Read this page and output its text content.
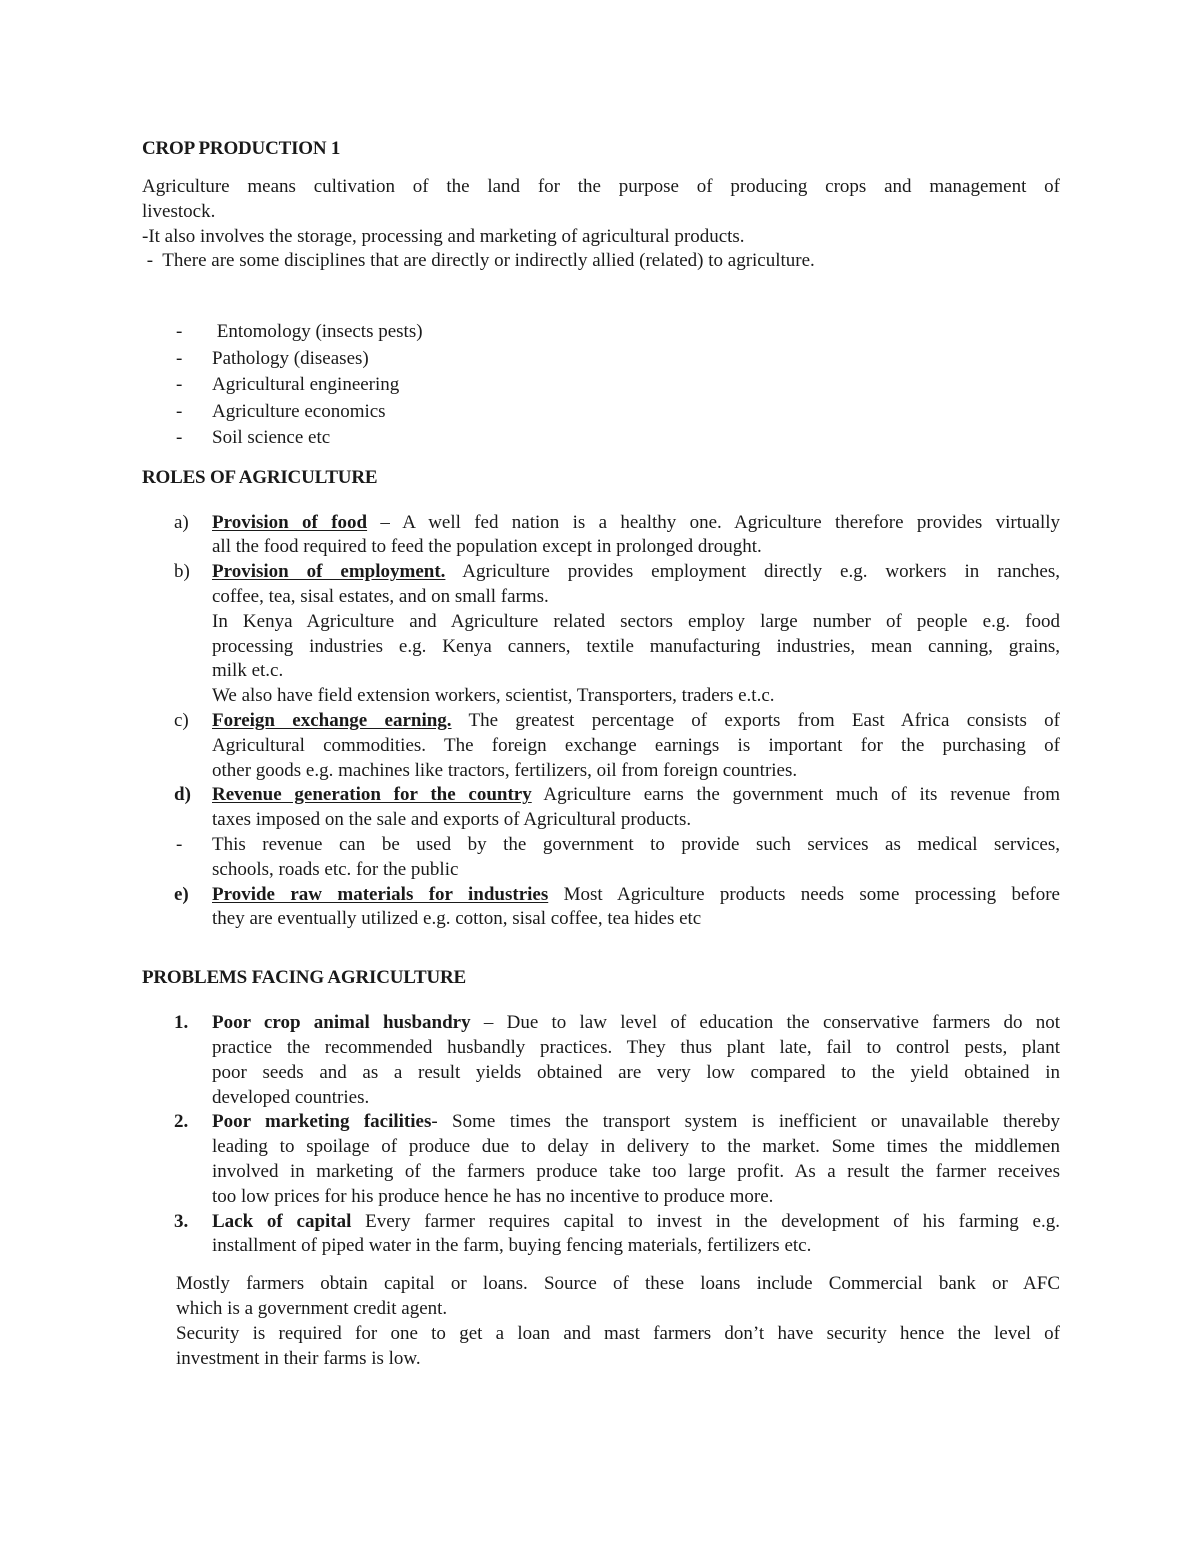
CROP PRODUCTION 1
Agriculture means cultivation of the land for the purpose of producing crops and management of
livestock.
-It also involves the storage, processing and marketing of agricultural products.
-  There are some disciplines that are directly or indirectly allied (related) to agriculture.
- Entomology (insects pests)
- Pathology (diseases)
- Agricultural engineering
- Agriculture economics
- Soil science etc
ROLES OF AGRICULTURE
a) Provision of food – A well fed nation is a healthy one. Agriculture therefore provides virtually
all the food required to feed the population except in prolonged drought.
b) Provision of employment. Agriculture provides employment directly e.g. workers in ranches,
coffee, tea, sisal estates, and on small farms.
In Kenya Agriculture and Agriculture related sectors employ large number of people e.g. food
processing industries e.g. Kenya canners, textile manufacturing industries, mean canning, grains,
milk et.c.
We also have field extension workers, scientist, Transporters, traders e.t.c.
c) Foreign exchange earning. The greatest percentage of exports from East Africa consists of
Agricultural commodities. The foreign exchange earnings is important for the purchasing of
other goods e.g. machines like tractors, fertilizers, oil from foreign countries.
d) Revenue generation for the country Agriculture earns the government much of its revenue from
taxes imposed on the sale and exports of Agricultural products.
- This revenue can be used by the government to provide such services as medical services,
schools, roads etc. for the public
e) Provide raw materials for industries Most Agriculture products needs some processing before
they are eventually utilized e.g. cotton, sisal coffee, tea hides etc
PROBLEMS FACING AGRICULTURE
1. Poor crop animal husbandry – Due to law level of education the conservative farmers do not
practice the recommended husbandly practices. They thus plant late, fail to control pests, plant
poor seeds and as a result yields obtained are very low compared to the yield obtained in
developed countries.
2. Poor marketing facilities- Some times the transport system is inefficient or unavailable thereby
leading to spoilage of produce due to delay in delivery to the market. Some times the middlemen
involved in marketing of the farmers produce take too large profit. As a result the farmer receives
too low prices for his produce hence he has no incentive to produce more.
3. Lack of capital Every farmer requires capital to invest in the development of his farming e.g.
installment of piped water in the farm, buying fencing materials, fertilizers etc.
Mostly farmers obtain capital or loans. Source of these loans include Commercial bank or AFC
which is a government credit agent.
Security is required for one to get a loan and mast farmers don’t have security hence the level of
investment in their farms is low.
